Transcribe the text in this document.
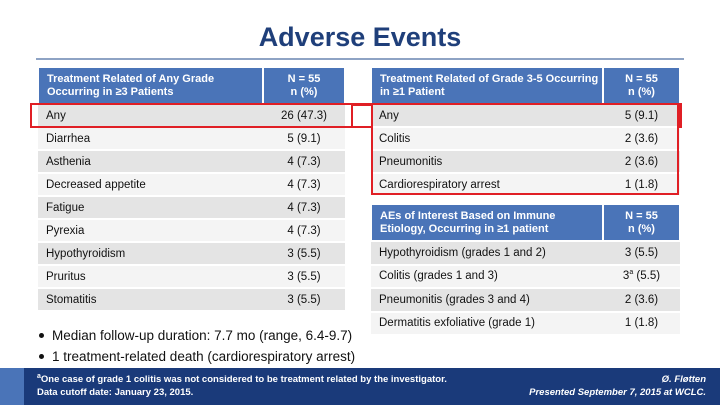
Adverse Events
Treatment Related of Any Grade Occurring in ≥3 Patients	N = 55
n (%)
Any	26 (47.3)
Diarrhea	5 (9.1)
Asthenia	4 (7.3)
Decreased appetite	4 (7.3)
Fatigue	4 (7.3)
Pyrexia	4 (7.3)
Hypothyroidism	3 (5.5)
Pruritus	3 (5.5)
Stomatitis	3 (5.5)
Treatment Related of Grade 3-5 Occurring in ≥1 Patient	N = 55
n (%)
Any	5 (9.1)
Colitis	2 (3.6)
Pneumonitis	2 (3.6)
Cardiorespiratory arrest	1 (1.8)
AEs of Interest Based on Immune Etiology, Occurring in ≥1 patient	N = 55
n (%)
Hypothyroidism (grades 1 and 2)	3 (5.5)
Colitis (grades 1 and 3)	3$^a$ (5.5)
Pneumonitis (grades 3 and 4)	2 (3.6)
Dermatitis exfoliative (grade 1)	1 (1.8)
Median follow-up duration: 7.7 mo (range, 6.4-9.7)
1 treatment-related death (cardiorespiratory arrest)
$^a$One case of grade 1 colitis was not considered to be treatment related by the investigator.
Data cutoff date: January 23, 2015.
Ø. Fløtten
Presented September 7, 2015 at WCLC.
